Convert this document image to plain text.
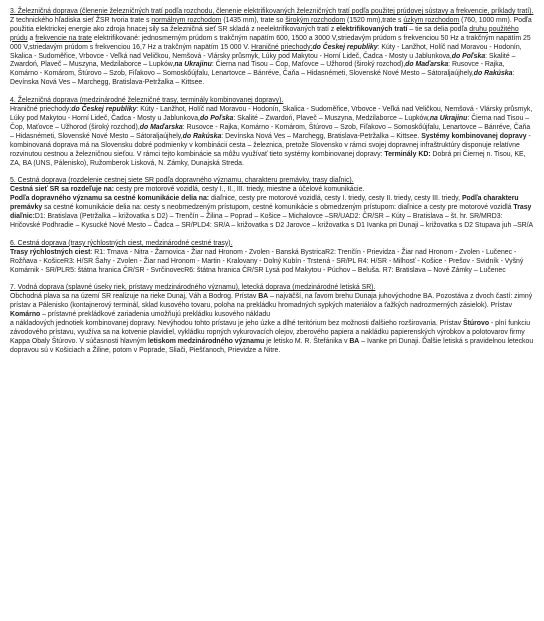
3. Železničná doprava (členenie železničných tratí podľa rozchodu, členenie elektrifikovaných železničných tratí podľa použitej prúdovej sústavy a frekvencie, príklady tratí).

Z technického hľadiska sieť ŽSR tvoria trate s normálnym rozchodom (1435 mm), trate so širokým rozchodom (1520 mm),trate s úzkym rozchodom (760, 1000 mm). Podľa použitia elektrickej energie ako zdroja hnacej sily sa železničná sieť SR skladá z neelektrifikovaných tratí z elektrifikovaných tratí – tie sa delia podľa druhu použitého prúdu a frekvencie na trate elektrifikované: jednosmerným prúdom s trakčným napätím 600, 1500 a 3000 V,striedavým prúdom s frekvenciou 50 Hz a trakčným napätím 25 000 V,striedavým prúdom s frekvenciou 16,7 Hz a trakčným napätím 15 000 V. Hraničné priechody:do Českej republiky: Kúty - Lanžhot, Holíč nad Moravou - Hodonín, Skalica - Sudoměřice, Vrbovce - Veľká nad Veličkou, Nemšová - Vlársky průsmyk, Lúky pod Makytou - Horní Lideč, Čadca - Mosty u Jablunkova,do Poľska: Skalité – Zwardoń, Plaveč – Muszyna, Medzilaborce – Lupków,na Ukrajinu: Čierna nad Tisou – Čop, Maťovce – Užhorod (široký rozchod),do Maďarska: Rusovce - Rajka, Komárno - Komárom, Štúrovo – Szob, Fiľakovo – Somoskőújfalu, Lenartovce – Bánréve, Čaňa – Hidasnémeti, Slovenské Nové Mesto – Sátoraljaújhely,do Rakúska: Devínska Nová Ves – Marchegg, Bratislava-Petržalka – Kittsee.

4. Železničná doprava (medzinárodné železničné trasy, terminály kombinovanej dopravy).

Hraničné priechody:do Českej republiky: Kúty - Lanžhot, Holíč nad Moravou - Hodonín, Skalica - Sudoměřice, Vrbovce - Veľká nad Veličkou, Nemšová - Vlársky průsmyk, Lúky pod Makytou - Horní Lideč, Čadca - Mosty u Jablunkova,do Poľska: Skalité – Zwardoń, Plaveč – Muszyna, Medzilaborce – Lupków,na Ukrajinu: Čierna nad Tisou – Čop, Maťovce – Užhorod (široký rozchod),do Maďarska: Rusovce - Rajka, Komárno - Komárom, Štúrovo – Szob, Fiľakovo – Somoskőújfalu, Lenartovce – Bánréve, Čaňa – Hidasnémeti, Slovenské Nové Mesto – Sátoraljaújhely,do Rakúska: Devínska Nová Ves – Marchegg, Bratislava-Petržalka – Kittsee. Systémy kombinovanej dopravy - kombinovaná doprava má na Slovensku dobré podmienky v kombinácii cesta – železnica, pretože Slovensko v rámci svojej dopravnej infraštruktúry disponuje relatívne rozvinutou cestnou a železničnou sieťou. V rámci tejto kombinácie sa môžu využívať tieto systémy kombinovanej dopravy: Terminály KD: Dobrá pri Čiernej n. Tisou, KE, ZA, BA (UNS, Páleniskо), Ružomberok Lisková, N. Zámky, Dunajská Streda.

5. Cestná doprava (rozdelenie cestnej siete SR podľa dopravného významu, charakteru premávky, trasy diaľnic).

Cestná sieť SR sa rozdeľuje na: cesty pre motorové vozidlá, cesty I., II., III. triedy, miestne a účelové komunikácie.

Podľa dopravného významu sa cestné komunikácie delia na: diaľnice, cesty pre motorové vozidlá, cesty I. triedy, cesty II. triedy, cesty III. triedy, Podľa charakteru premávky sa cestné komunikácie delia na: cesty s neobmedzeným prístupom, cestné komunikácie s obmedzeným prístupom: diaľnice a cesty pre motorové vozidlá Trasy diaľnic:D1: Bratislava (Petržalka – križovatka s D2) – Trenčín – Žilina – Poprad – Košice – Michalovce –SR/UAD2: ČR/SR – Kúty – Bratislava – št. hr. SR/MRD3: Hričovské Podhradie – Kysucké Nové Mesto – Čadca – SR/PLD4: SR/A – križovatka s D2 Jarovce – križovatka s D1 Ivanka pri Dunaji – križovatka s D2 Stupava juh –SR/A

6. Cestná doprava (trasy rýchlostných ciest, medzinárodné cestné trasy).

Trasy rýchlostných ciest: R1: Trnava - Nitra - Žarnovica - Žiar nad Hronom - Zvolen - Banská BystricaR2: Trenčín - Prievidza - Žiar nad Hronom - Zvolen - Lučenec - Rožňava - KošiceR3: H/SR Šahy - Zvolen - Žiar nad Hronom - Martin - Kralovany - Dolný Kubín - Trstená - SR/PL R4: H/SR - Milhosť - Košice - Prešov - Svidník - Vyšný Komárnik - SR/PLR5: štátna hranica ČR/SR - SvrčinovecR6: štátna hranica ČR/SR Lysá pod Makytou - Púchov – Beluša. R7: Bratislava – Nové Zámky – Lučenec

7. Vodná doprava (splavné úseky riek, prístavy medzinárodného významu), letecká doprava (medzinárodné letiská SR).

Obchodná plava sa na území SR realizuje na rieke Dunaj, Váh a Bodrog. Prístav BA – najväčší, na ľavom brehu Dunaja juhovýchodne BA. Pozostáva z dvoch častí: zimný prístav a Páleniskо (kontajnerový terminál, sklad kusového tovaru, poloha na prekládku hromadných sypkých materiálov a ťažkých nadrozmerných zásielok). Prístav Komárno – prístavné prekládkové zariadenia umožňujú prekládku kusového nákladu

a nákladových jednotiek kombinovanej dopravy. Nevýhodou tohto prístavu je jeho úzke a dlhé teritórium bez možnosti ďalšieho rozširovania. Prístav Štúrovo - plní funkciu závodového prístavu, využíva sa na kotvenie plavidiel, vykládku ropných vykurovacích olejov, zberového papiera a nakládku papierenských výrobkov a polotovarov firmy Kappa Obaly Štúrovo. V súčasnosti hlavným letiskom medzinárodného významu je letisko M. R. Štefánika v BA – Ivanke pri Dunaji. Ďalšie letiská s pravidelnou leteckou dopravou sú v Košiciach a Žiline, potom v Poprade, Sliači, Piešťanoch, Prievidze a Nitre.
